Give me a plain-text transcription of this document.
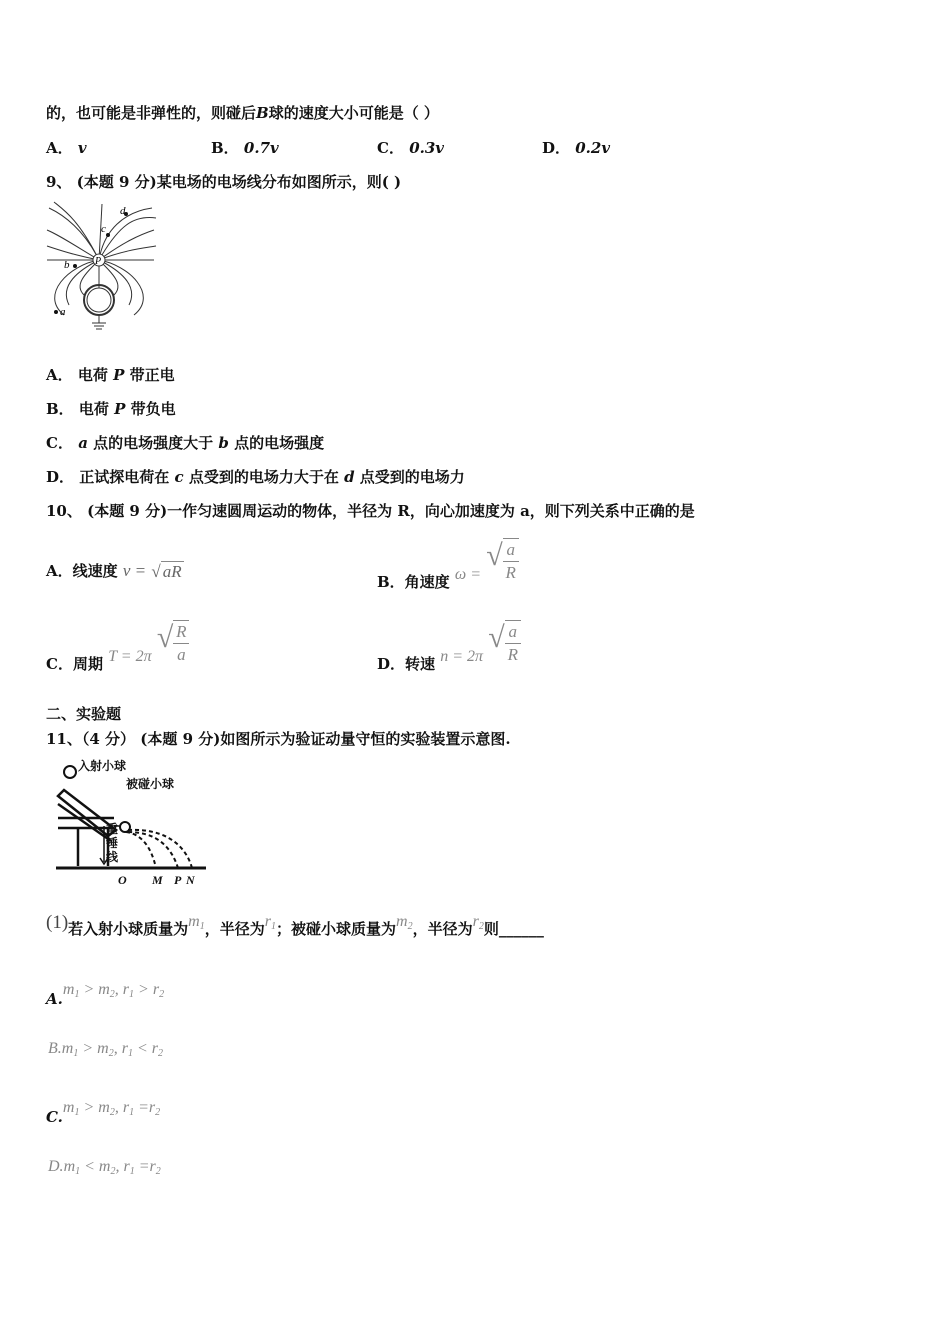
的，也可能是非弹性的，则碰后B球的速度大小可能是（ ）
A． v	B． 0.7v	C． 0.3v	D． 0.2v
9、 (本题 9 分)某电场的电场线分布如图所示，则( )
P
d
c
b
a
A． 电荷 P 带正电
B． 电荷 P 带负电
C． a 点的电场强度大于 b 点的电场强度
D． 正试探电荷在 c 点受到的电场力大于在 d 点受到的电场力
10、 (本题 9 分)一作匀速圆周运动的物体，半径为 R，向心加速度为 a，则下列关系中正确的是
A．线速度 v = √ aR
B．角速度 ω = √ $\frac{a}{R}$
C．周期 T = 2π √ $\frac{R}{a}$	D．转速 n = 2π √ $\frac{a}{R}$
二、实验题
11、（4 分） (本题 9 分)如图所示为验证动量守恒的实验装置示意图.
入射小球
被碰小球
重
锤
线
O M P N
(1)若入射小球质量为$m_1$，半径为$r_1$；被碰小球质量为$m_2$，半径为$r_2$则______
$A.m_1 > m_2$, $r_1 > r_2$
$B.m_1 > m_2$, $r_1 < r_2$
$C.m_1 > m_2$, $r_1 =r_2$
$D.m_1 < m_2$, $r_1 =r_2$
